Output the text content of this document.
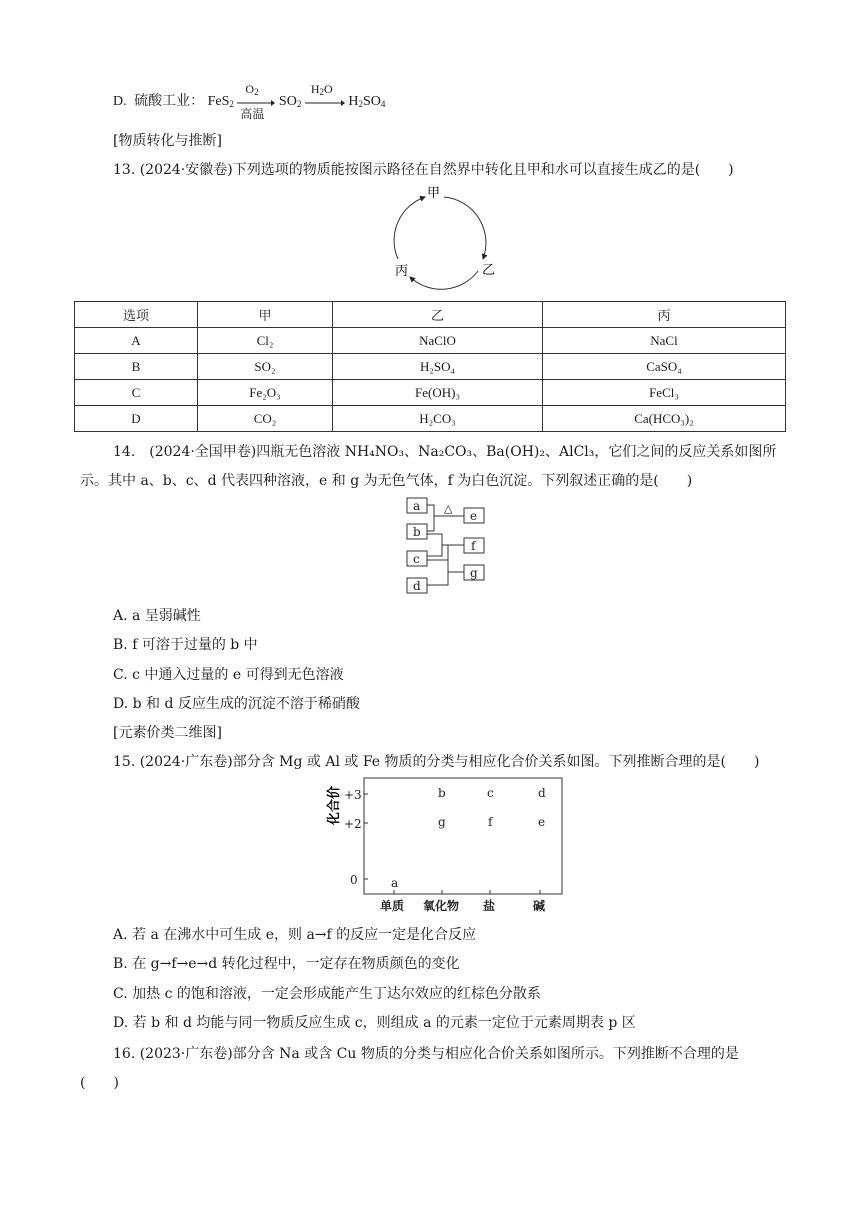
D. 硫酸工业： FeS$_2$
$O_2$
高温
$SO_2$
$H_2O$
$H_2SO_4$
[物质转化与推断]
13. (2024·安徽卷)下列选项的物质能按图示路径在自然界中转化且甲和水可以直接生成乙的是(　　)
甲
乙
丙
选项	甲	乙	丙
A	Cl₂	NaClO	NaCl
B	SO₂	H₂SO₄	CaSO₄
C	Fe₂O₃	Fe(OH)₃	FeCl₃
D	CO₂	H₂CO₃	Ca(HCO₃)₂
14.　(2024·全国甲卷)四瓶无色溶液 NH₄NO₃、Na₂CO₃、Ba(OH)₂、AlCl₃，它们之间的反应关系如图所
示。其中 a、b、c、d 代表四种溶液，e 和 g 为无色气体，f 为白色沉淀。下列叙述正确的是(　　)
a
b
c
d
e
f
g
△
A. a 呈弱碱性
B. f 可溶于过量的 b 中
C. c 中通入过量的 e 可得到无色溶液
D. b 和 d 反应生成的沉淀不溶于稀硝酸
[元素价类二维图]
15. (2024·广东卷)部分含 Mg 或 Al 或 Fe 物质的分类与相应化合价关系如图。下列推断合理的是(　　)
化合价 +3
+2
0
b	c	d
g	f	e
a
单质 氧化物 盐	碱
A. 若 a 在沸水中可生成 e，则 a→f 的反应一定是化合反应
B. 在 g→f→e→d 转化过程中，一定存在物质颜色的变化
C. 加热 c 的饱和溶液，一定会形成能产生丁达尔效应的红棕色分散系
D. 若 b 和 d 均能与同一物质反应生成 c，则组成 a 的元素一定位于元素周期表 p 区
16. (2023·广东卷)部分含 Na 或含 Cu 物质的分类与相应化合价关系如图所示。下列推断不合理的是
(　　)
